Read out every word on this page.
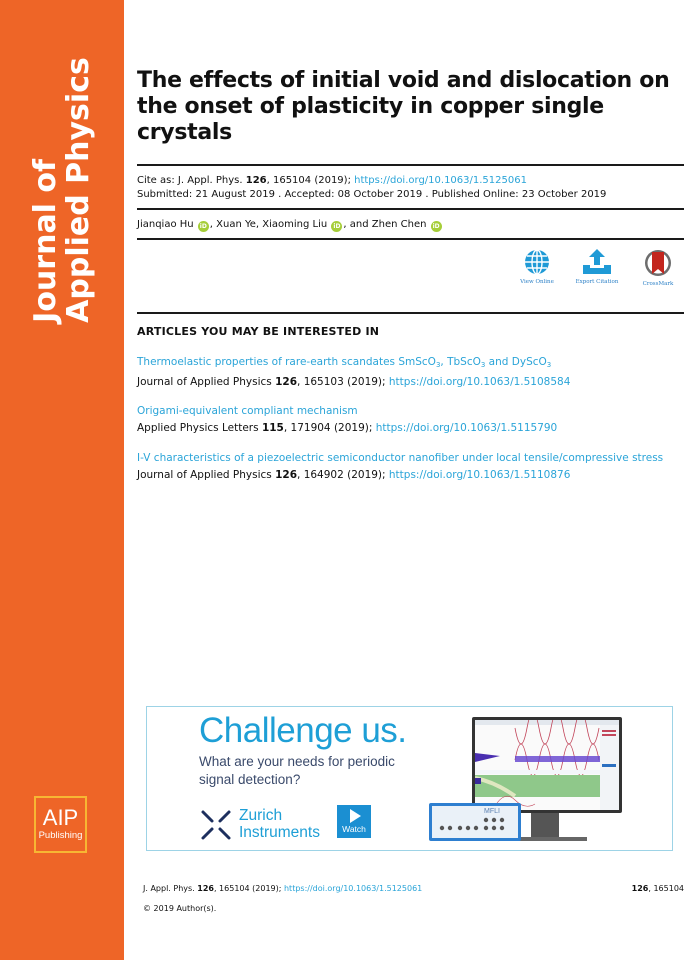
Journal of
Applied Physics
AIP
Publishing
The effects of initial void and dislocation on the onset of plasticity in copper single crystals
Cite as: J. Appl. Phys. 126, 165104 (2019); https://doi.org/10.1063/1.5125061
Submitted: 21 August 2019 . Accepted: 08 October 2019 . Published Online: 23 October 2019
Jianqiao Hu iD , Xuan Ye, Xiaoming Liu iD , and Zhen Chen iD
View Online	Export Citation	CrossMark
ARTICLES YOU MAY BE INTERESTED IN
Thermoelastic properties of rare-earth scandates SmScO$_3$, TbScO$_3$ and DyScO$_3$
Journal of Applied Physics 126, 165103 (2019); https://doi.org/10.1063/1.5108584
Origami-equivalent compliant mechanism
Applied Physics Letters 115, 171904 (2019); https://doi.org/10.1063/1.5115790
I-V characteristics of a piezoelectric semiconductor nanofiber under local tensile/compressive stress
Journal of Applied Physics 126, 164902 (2019); https://doi.org/10.1063/1.5110876
Challenge us.
What are your needs for periodic
signal detection?
Zurich
Instruments	Watch
MFLI
J. Appl. Phys. 126, 165104 (2019); https://doi.org/10.1063/1.5125061	126, 165104
© 2019 Author(s).
